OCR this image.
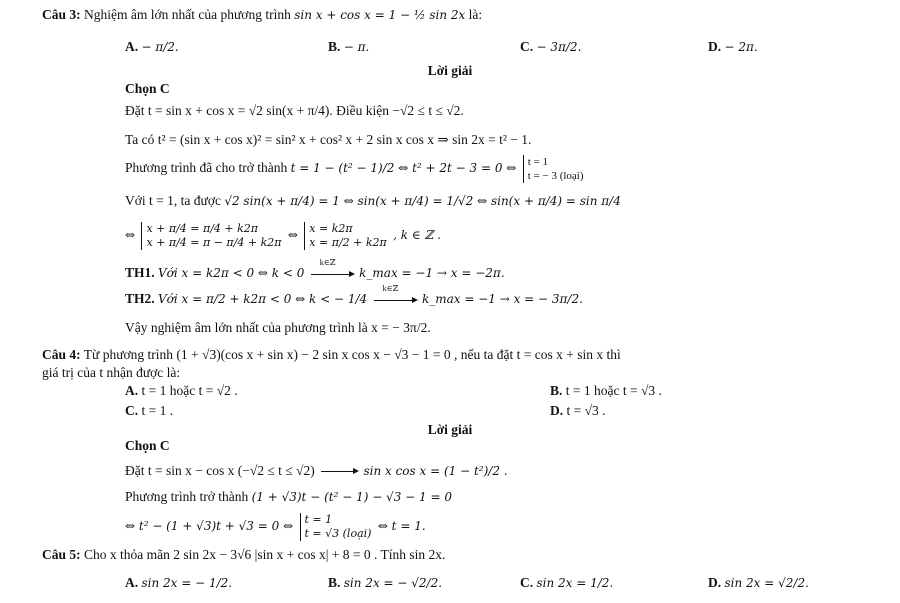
Câu 3: Nghiệm âm lớn nhất của phương trình sin x + cos x = 1 − ½ sin 2x là:
A. − π/2.	B. − π.	C. − 3π/2.	D. − 2π.
Lời giải
Chọn C
Đặt t = sin x + cos x = √2 sin(x + π/4). Điều kiện −√2 ≤ t ≤ √2.
Ta có t² = (sin x + cos x)² = sin² x + cos² x + 2 sin x cos x ⇒ sin 2x = t² − 1.
Phương trình đã cho trở thành t = 1 − (t² − 1)/2 ⇔ t² + 2t − 3 = 0 ⇔ t = 1
t = − 3 (loại)
Với t = 1, ta được √2 sin(x + π/4) = 1 ⇔ sin(x + π/4) = 1/√2 ⇔ sin(x + π/4) = sin π/4
⇔ x + π/4 = π/4 + k2π
x + π/4 = π − π/4 + k2π
⇔ x = k2π
x = π/2 + k2π
, k ∈ ℤ .
TH1. Với x = k2π < 0 ⇔ k < 0
k∈ℤ
k_max = −1 → x = −2π.
TH2. Với x = π/2 + k2π < 0 ⇔ k < − 1/4
k∈ℤ
k_max = −1 → x = − 3π/2.
Vậy nghiệm âm lớn nhất của phương trình là x = − 3π/2.
Câu 4: Từ phương trình (1 + √3)(cos x + sin x) − 2 sin x cos x − √3 − 1 = 0 , nếu ta đặt t = cos x + sin x thì
giá trị của t nhận được là:
A. t = 1 hoặc t = √2 .	B. t = 1 hoặc t = √3 .
C. t = 1 .	D. t = √3 .
Lời giải
Chọn C
Đặt t = sin x − cos x (−√2 ≤ t ≤ √2)	sin x cos x = (1 − t²)/2 .
Phương trình trở thành (1 + √3)t − (t² − 1) − √3 − 1 = 0
⇔ t² − (1 + √3)t + √3 = 0 ⇔ t = 1
t = √3 (loại)
⇔ t = 1.
Câu 5: Cho x thỏa mãn 2 sin 2x − 3√6 |sin x + cos x| + 8 = 0 . Tính sin 2x.
A. sin 2x = − 1/2.	B. sin 2x = − √2/2.	C. sin 2x = 1/2.	D. sin 2x = √2/2.
